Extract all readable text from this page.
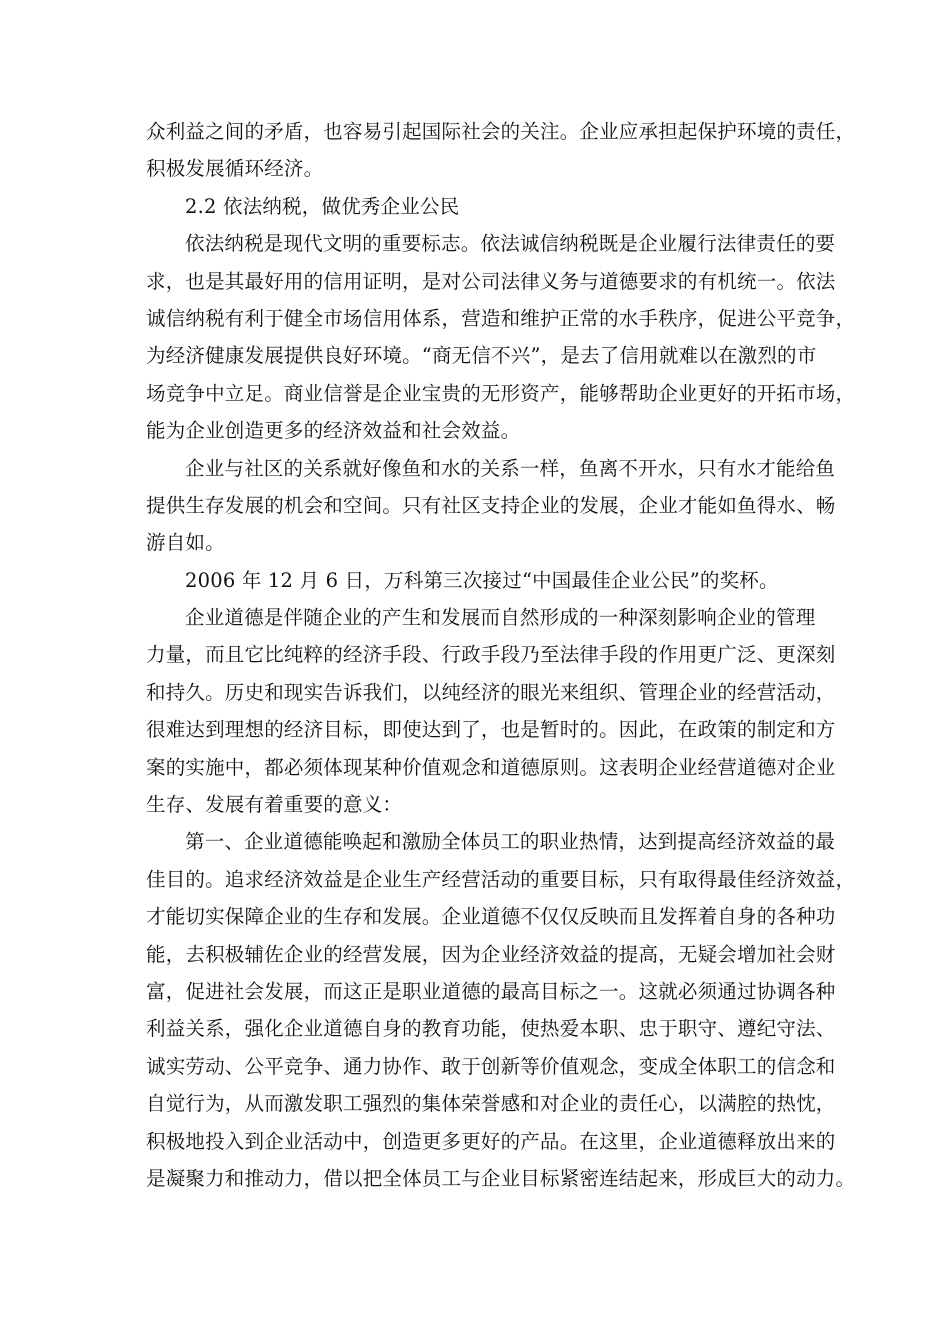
众利益之间的矛盾，也容易引起国际社会的关注。企业应承担起保护环境的责任，
积极发展循环经济。
2.2 依法纳税，做优秀企业公民
依法纳税是现代文明的重要标志。依法诚信纳税既是企业履行法律责任的要
求，也是其最好用的信用证明，是对公司法律义务与道德要求的有机统一。依法
诚信纳税有利于健全市场信用体系，营造和维护正常的水手秩序，促进公平竞争，
为经济健康发展提供良好环境。“商无信不兴”，是去了信用就难以在激烈的市
场竞争中立足。商业信誉是企业宝贵的无形资产，能够帮助企业更好的开拓市场，
能为企业创造更多的经济效益和社会效益。
企业与社区的关系就好像鱼和水的关系一样，鱼离不开水，只有水才能给鱼
提供生存发展的机会和空间。只有社区支持企业的发展，企业才能如鱼得水、畅
游自如。
2006 年 12 月 6 日，万科第三次接过“中国最佳企业公民”的奖杯。
企业道德是伴随企业的产生和发展而自然形成的一种深刻影响企业的管理
力量，而且它比纯粹的经济手段、行政手段乃至法律手段的作用更广泛、更深刻
和持久。历史和现实告诉我们，以纯经济的眼光来组织、管理企业的经营活动，
很难达到理想的经济目标，即使达到了，也是暂时的。因此，在政策的制定和方
案的实施中，都必须体现某种价值观念和道德原则。这表明企业经营道德对企业
生存、发展有着重要的意义：
第一、企业道德能唤起和激励全体员工的职业热情，达到提高经济效益的最
佳目的。追求经济效益是企业生产经营活动的重要目标，只有取得最佳经济效益，
才能切实保障企业的生存和发展。企业道德不仅仅反映而且发挥着自身的各种功
能，去积极辅佐企业的经营发展，因为企业经济效益的提高，无疑会增加社会财
富，促进社会发展，而这正是职业道德的最高目标之一。这就必须通过协调各种
利益关系，强化企业道德自身的教育功能，使热爱本职、忠于职守、遵纪守法、
诚实劳动、公平竞争、通力协作、敢于创新等价值观念，变成全体职工的信念和
自觉行为，从而激发职工强烈的集体荣誉感和对企业的责任心，以满腔的热忱，
积极地投入到企业活动中，创造更多更好的产品。在这里，企业道德释放出来的
是凝聚力和推动力，借以把全体员工与企业目标紧密连结起来，形成巨大的动力。
